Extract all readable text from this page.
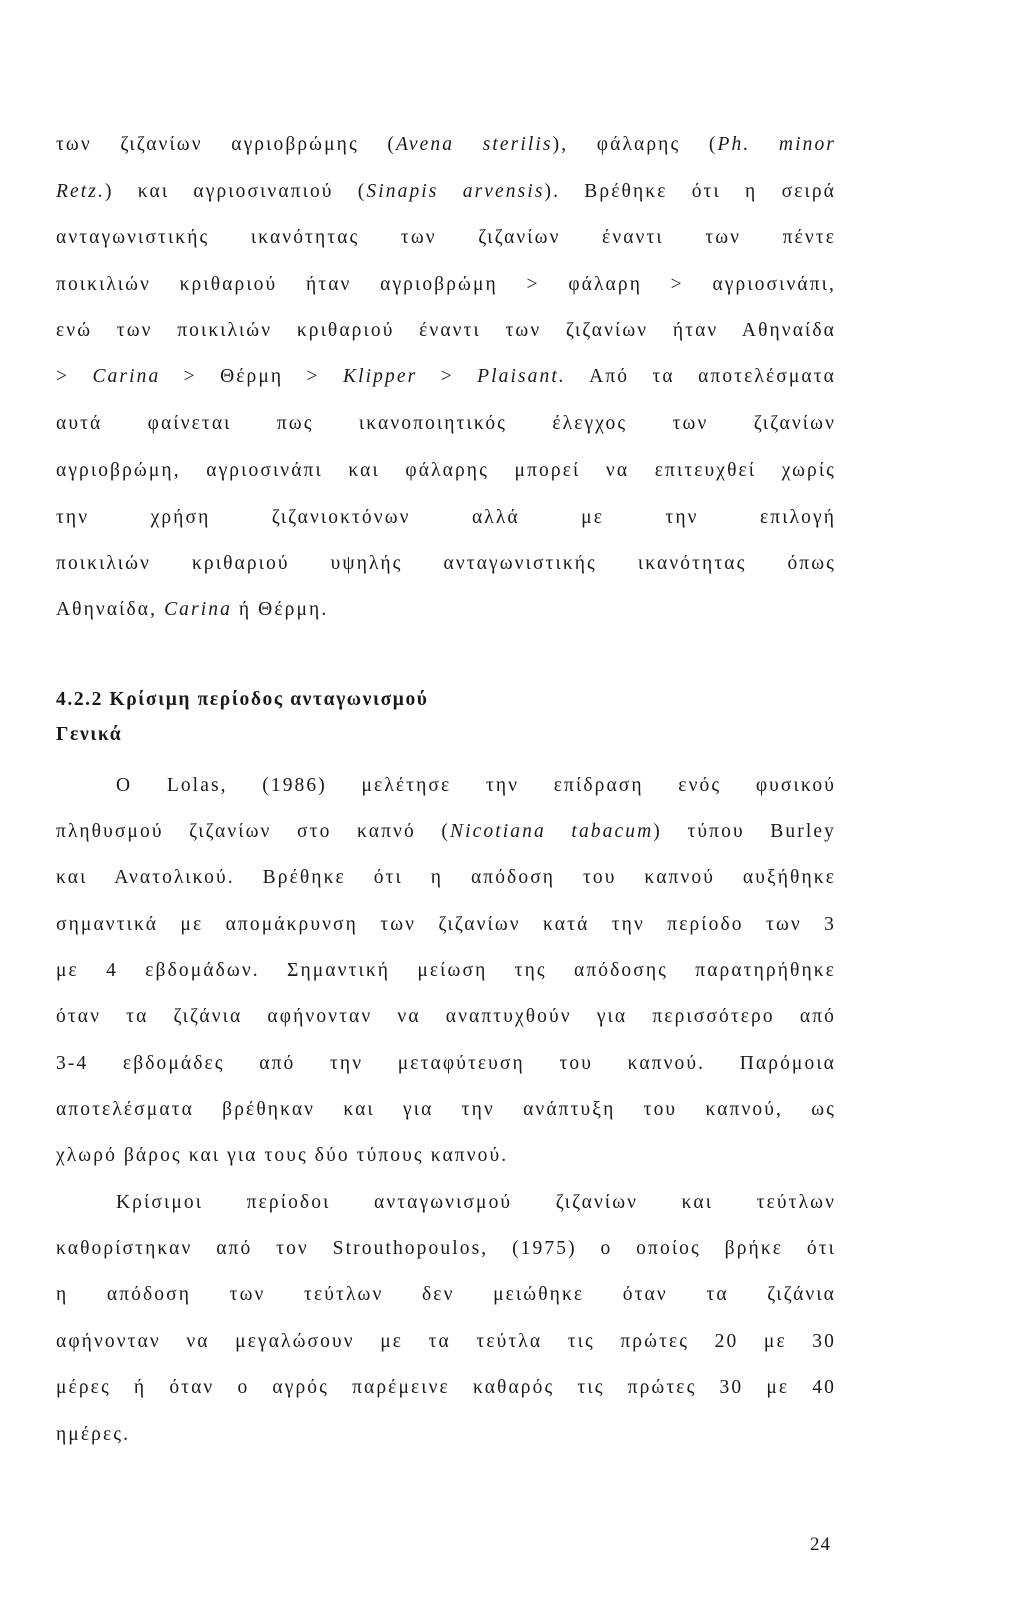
των ζιζανίων αγριοβρώμης (Avena sterilis), φάλαρης (Ph. minor
Retz.) και αγριοσιναπιού (Sinapis arvensis). Βρέθηκε ότι η σειρά
ανταγωνιστικής ικανότητας των ζιζανίων έναντι των πέντε
ποικιλιών κριθαριού ήταν αγριοβρώμη > φάλαρη > αγριοσινάπι,
ενώ των ποικιλιών κριθαριού έναντι των ζιζανίων ήταν Αθηναίδα
> Carina > Θέρμη > Klipper > Plaisant. Από τα αποτελέσματα
αυτά φαίνεται πως ικανοποιητικός έλεγχος των ζιζανίων
αγριοβρώμη, αγριοσινάπι και φάλαρης μπορεί να επιτευχθεί χωρίς
την χρήση ζιζανιοκτόνων αλλά με την επιλογή
ποικιλιών κριθαριού υψηλής ανταγωνιστικής ικανότητας όπως
Αθηναίδα, Carina ή Θέρμη.
4.2.2 Κρίσιμη περίοδος ανταγωνισμού
Γενικά
Ο Lolas, (1986) μελέτησε την επίδραση ενός φυσικού
πληθυσμού ζιζανίων στο καπνό (Nicotiana tabacum) τύπου Burley
και Ανατολικού. Βρέθηκε ότι η απόδοση του καπνού αυξήθηκε
σημαντικά με απομάκρυνση των ζιζανίων κατά την περίοδο των 3
με 4 εβδομάδων. Σημαντική μείωση της απόδοσης παρατηρήθηκε
όταν τα ζιζάνια αφήνονταν να αναπτυχθούν για περισσότερο από
3-4 εβδομάδες από την μεταφύτευση του καπνού. Παρόμοια
αποτελέσματα βρέθηκαν και για την ανάπτυξη του καπνού, ως
χλωρό βάρος και για τους δύο τύπους καπνού.
Κρίσιμοι περίοδοι ανταγωνισμού ζιζανίων και τεύτλων
καθορίστηκαν από τον Strouthopoulos, (1975) ο οποίος βρήκε ότι
η απόδοση των τεύτλων δεν μειώθηκε όταν τα ζιζάνια
αφήνονταν να μεγαλώσουν με τα τεύτλα τις πρώτες 20 με 30
μέρες ή όταν ο αγρός παρέμεινε καθαρός τις πρώτες 30 με 40
ημέρες.
24
